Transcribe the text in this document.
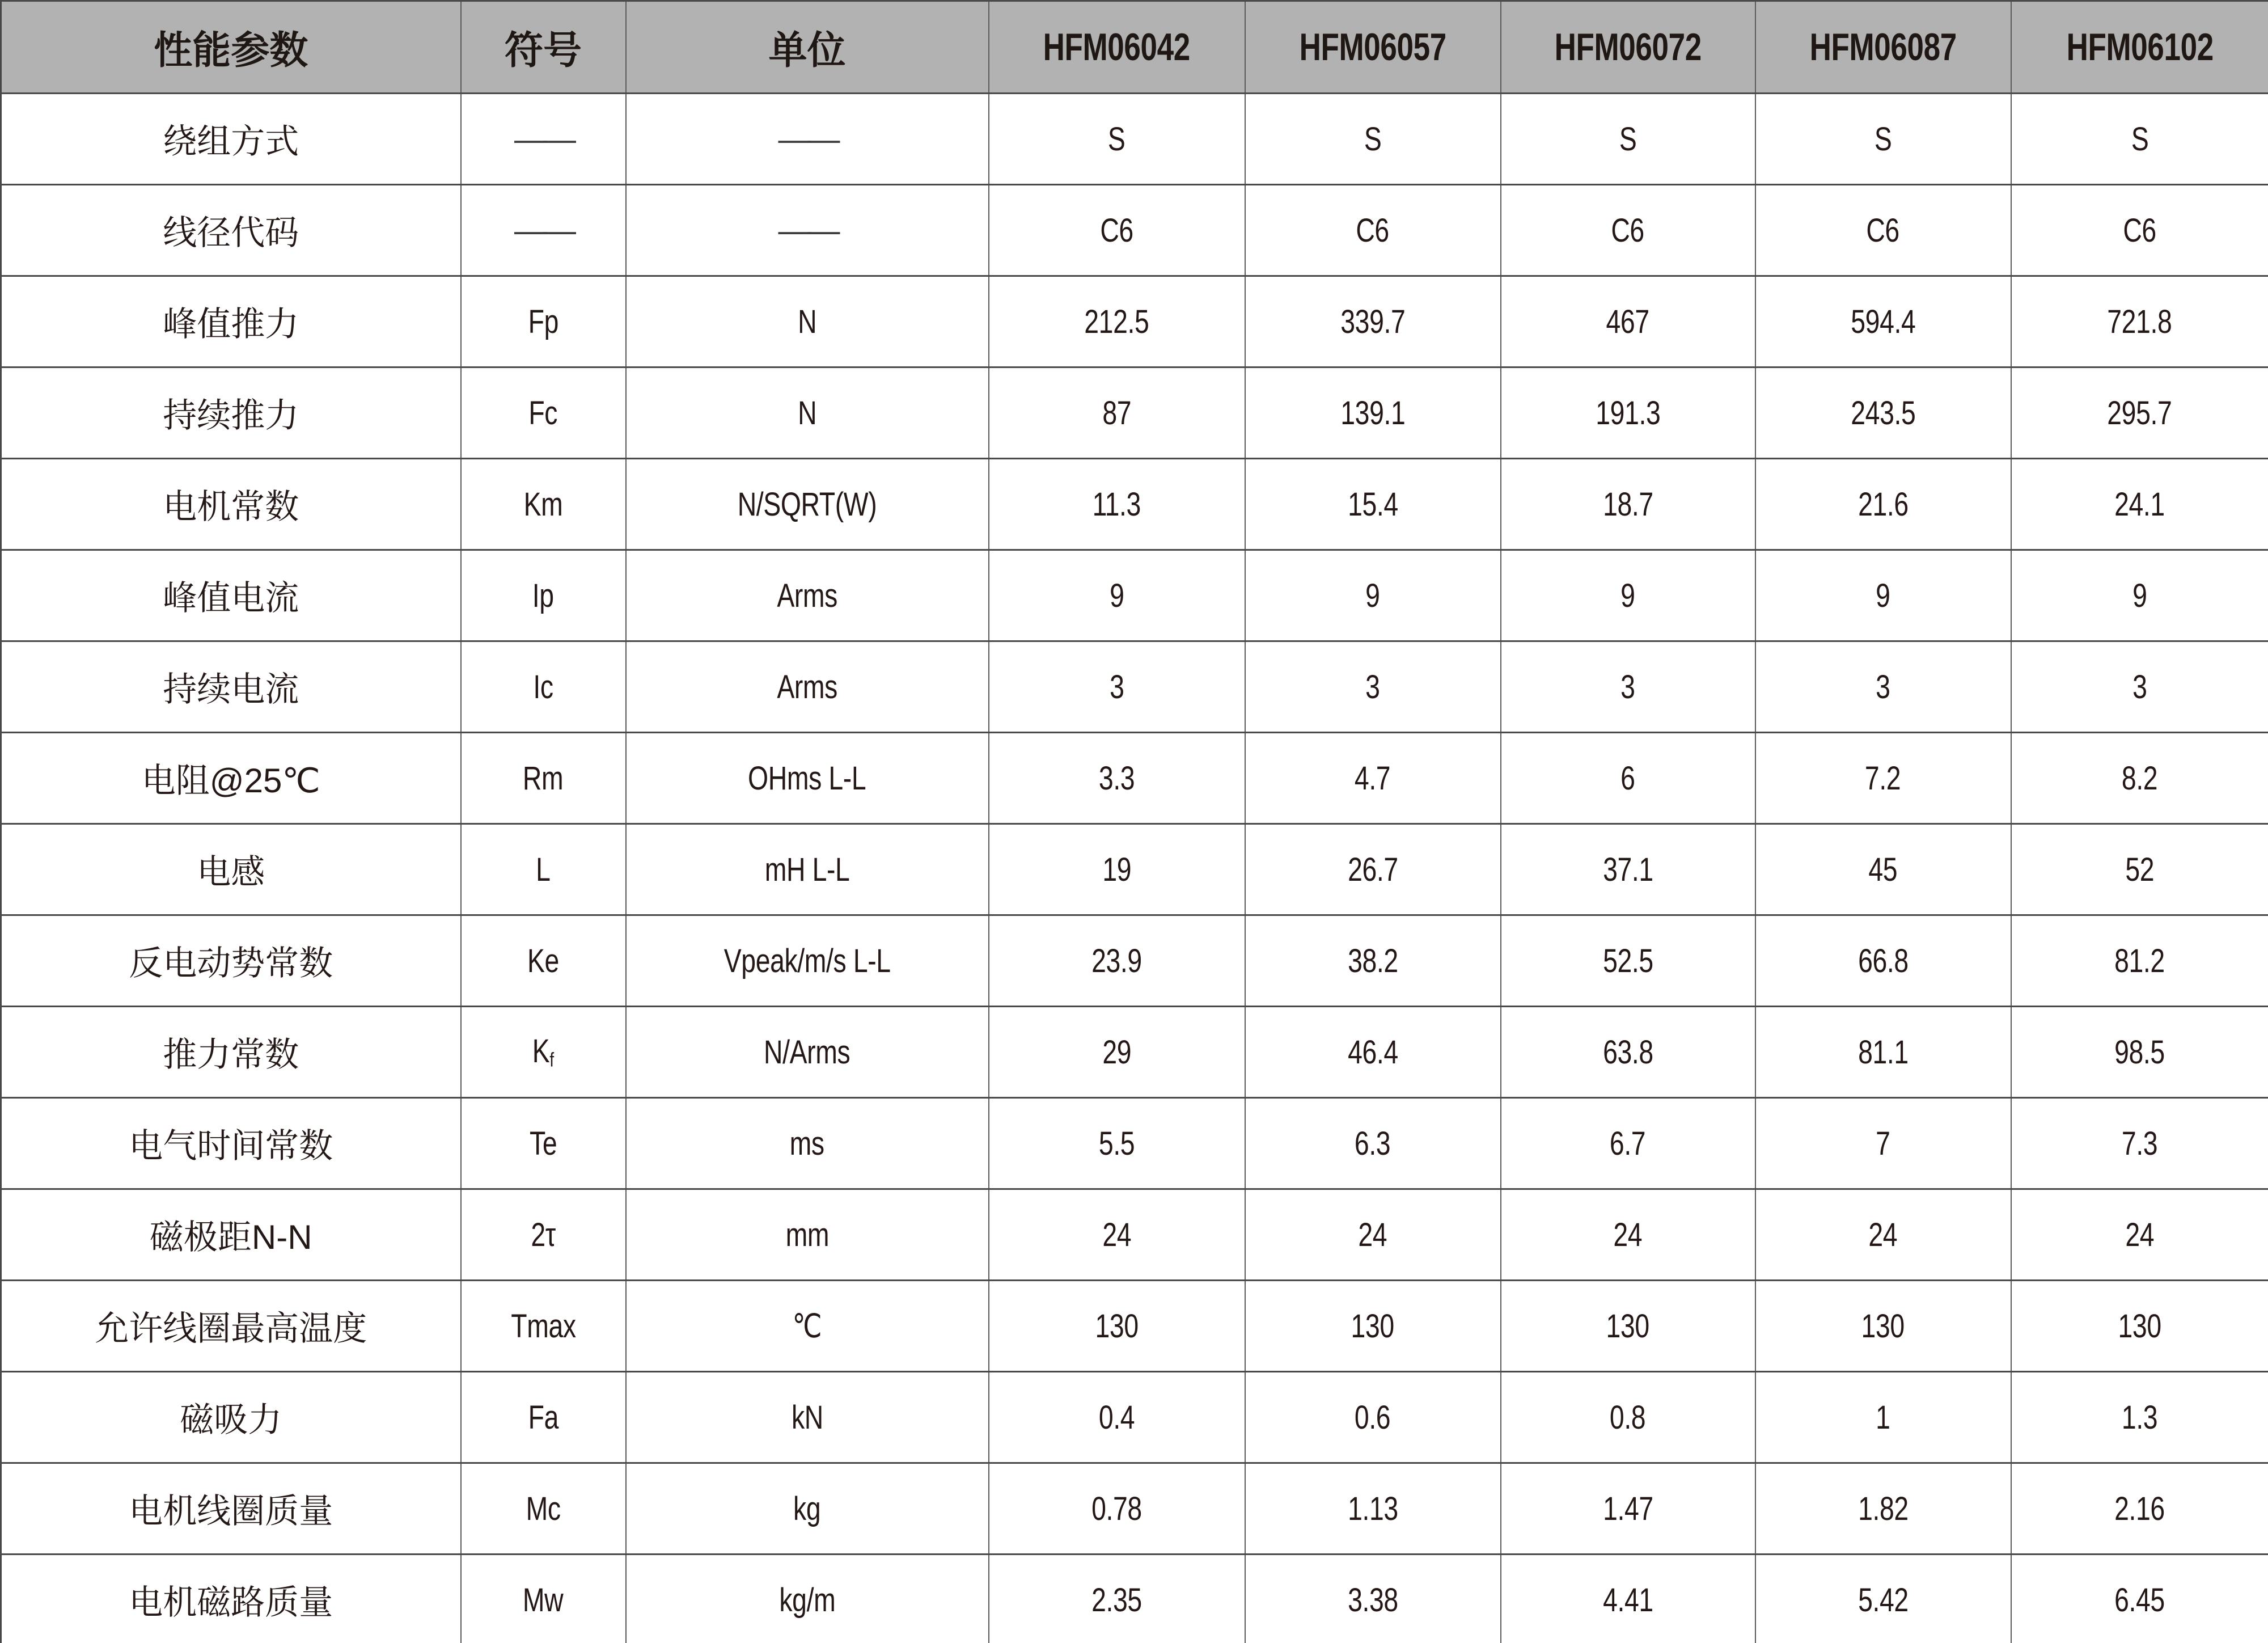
性能参数	符号	单位	HFM06042	HFM06057	HFM06072	HFM06087	HFM06102
绕组方式	——	——	S	S	S	S	S
线径代码	——	——	C6	C6	C6	C6	C6
峰值推力	Fp	N	212.5	339.7	467	594.4	721.8
持续推力	Fc	N	87	139.1	191.3	243.5	295.7
电机常数	Km	N/SQRT(W)	11.3	15.4	18.7	21.6	24.1
峰值电流	Ip	Arms	9	9	9	9	9
持续电流	Ic	Arms	3	3	3	3	3
电阻@25℃	Rm	OHms L-L	3.3	4.7	6	7.2	8.2
电感	L	mH L-L	19	26.7	37.1	45	52
反电动势常数	Ke	Vpeak/m/s L-L	23.9	38.2	52.5	66.8	81.2
推力常数	$K_f$	N/Arms	29	46.4	63.8	81.1	98.5
电气时间常数	Te	ms	5.5	6.3	6.7	7	7.3
磁极距N-N	2τ	mm	24	24	24	24	24
允许线圈最高温度	Tmax	℃	130	130	130	130	130
磁吸力	Fa	kN	0.4	0.6	0.8	1	1.3
电机线圈质量	Mc	kg	0.78	1.13	1.47	1.82	2.16
电机磁路质量	Mw	kg/m	2.35	3.38	4.41	5.42	6.45
